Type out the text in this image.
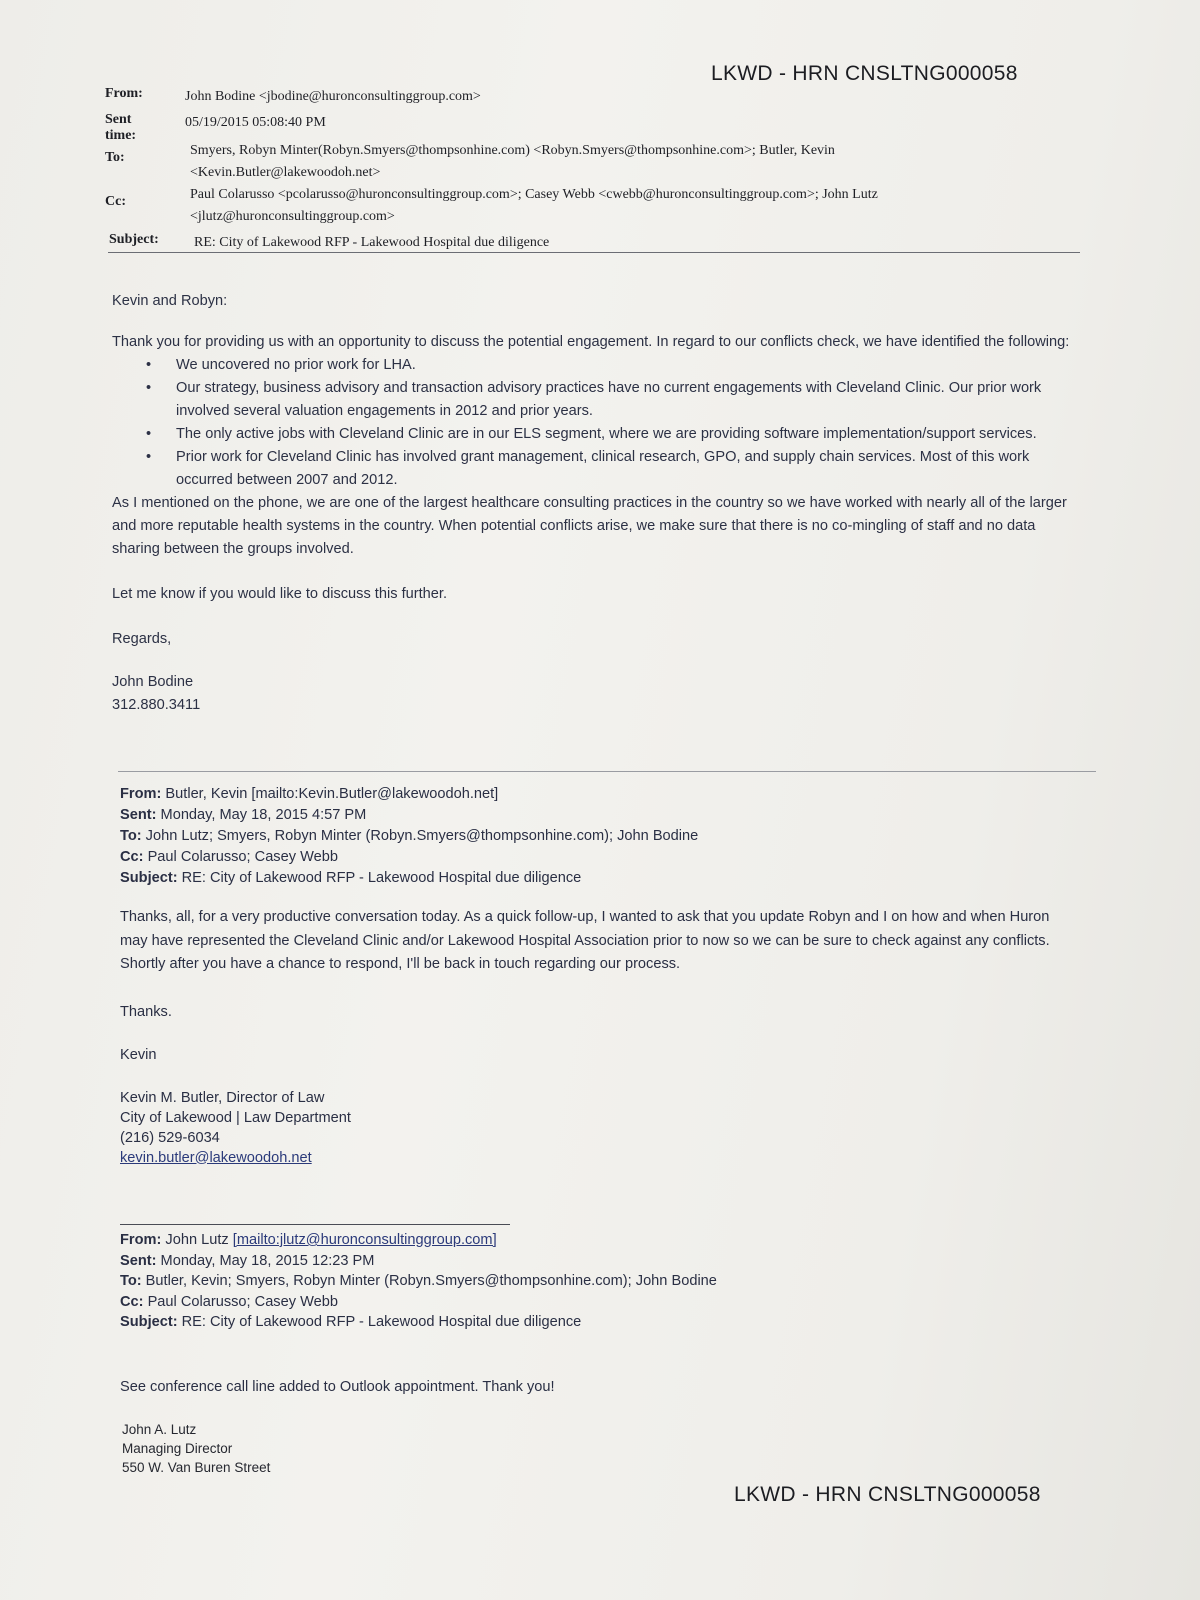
LKWD - HRN CNSLTNG000058
From:	John Bodine <jbodine@huronconsultinggroup.com>
Sent time:
05/19/2015 05:08:40 PM
To:	Smyers, Robyn Minter(Robyn.Smyers@thompsonhine.com) <Robyn.Smyers@thompsonhine.com>; Butler, Kevin
<Kevin.Butler@lakewoodoh.net>
Cc:	Paul Colarusso <pcolarusso@huronconsultinggroup.com>; Casey Webb <cwebb@huronconsultinggroup.com>; John Lutz
<jlutz@huronconsultinggroup.com>
Subject:	RE: City of Lakewood RFP - Lakewood Hospital due diligence

Kevin and Robyn:

Thank you for providing us with an opportunity to discuss the potential engagement. In regard to our conflicts check, we have identified the following:

• We uncovered no prior work for LHA.
• Our strategy, business advisory and transaction advisory practices have no current engagements with Cleveland Clinic. Our prior work involved several valuation engagements in 2012 and prior years.
• The only active jobs with Cleveland Clinic are in our ELS segment, where we are providing software implementation/support services.
• Prior work for Cleveland Clinic has involved grant management, clinical research, GPO, and supply chain services. Most of this work occurred between 2007 and 2012.

As I mentioned on the phone, we are one of the largest healthcare consulting practices in the country so we have worked with nearly all of the larger and more reputable health systems in the country. When potential conflicts arise, we make sure that there is no co-mingling of staff and no data sharing between the groups involved.

Let me know if you would like to discuss this further.

Regards,

John Bodine

312.880.3411

From: Butler, Kevin [mailto:Kevin.Butler@lakewoodoh.net]
Sent: Monday, May 18, 2015 4:57 PM
To: John Lutz; Smyers, Robyn Minter (Robyn.Smyers@thompsonhine.com); John Bodine
Cc: Paul Colarusso; Casey Webb
Subject: RE: City of Lakewood RFP - Lakewood Hospital due diligence

Thanks, all, for a very productive conversation today. As a quick follow-up, I wanted to ask that you update Robyn and I on how and when Huron may have represented the Cleveland Clinic and/or Lakewood Hospital Association prior to now so we can be sure to check against any conflicts. Shortly after you have a chance to respond, I'll be back in touch regarding our process.

Thanks.

Kevin

Kevin M. Butler, Director of Law

City of Lakewood | Law Department

(216) 529-6034

kevin.butler@lakewoodoh.net

From: John Lutz [mailto:jlutz@huronconsultinggroup.com]
Sent: Monday, May 18, 2015 12:23 PM
To: Butler, Kevin; Smyers, Robyn Minter (Robyn.Smyers@thompsonhine.com); John Bodine
Cc: Paul Colarusso; Casey Webb
Subject: RE: City of Lakewood RFP - Lakewood Hospital due diligence
See conference call line added to Outlook appointment. Thank you!
John A. Lutz
Managing Director
550 W. Van Buren Street
LKWD - HRN CNSLTNG000058
